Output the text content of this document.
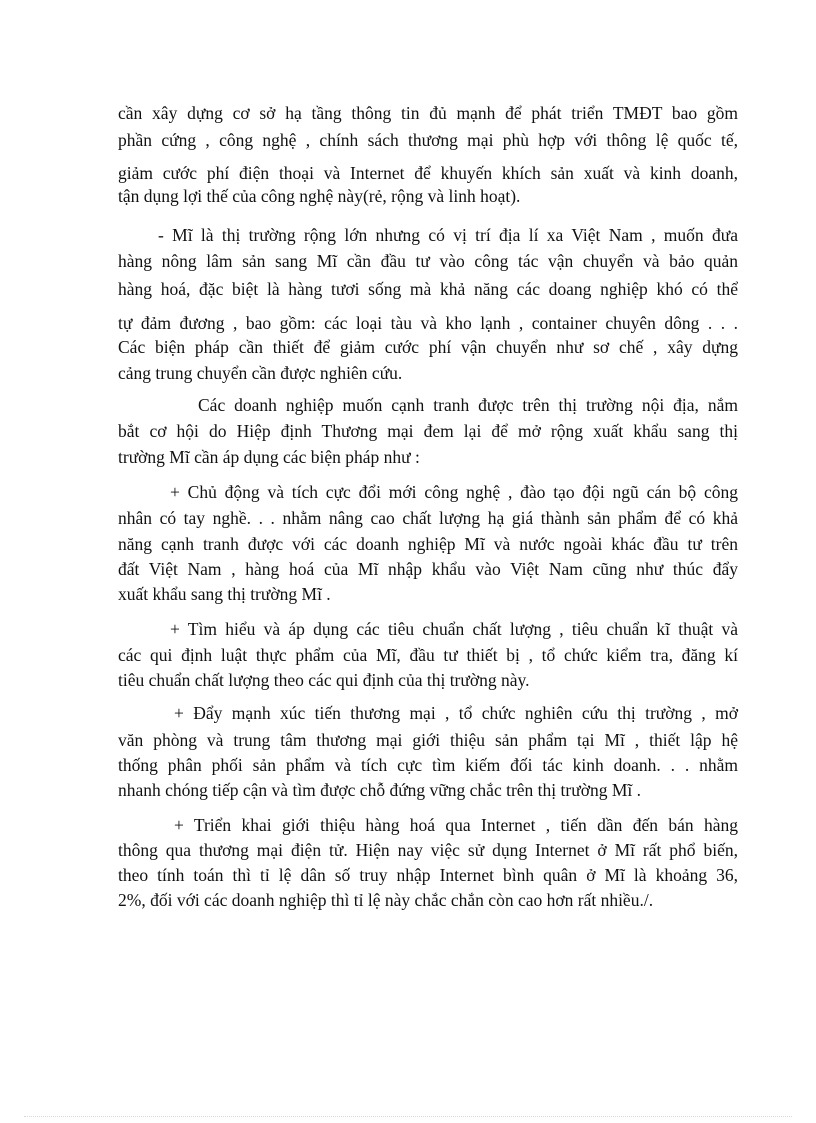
cần xây dựng cơ sở hạ tầng thông tin đủ mạnh để phát triển TMĐT bao gồm
phần cứng , công nghệ , chính sách thương mại phù hợp với thông lệ quốc tế,
giảm cước phí điện thoại và Internet để khuyến khích sản xuất và kinh doanh,
tận dụng lợi thế của công nghệ này(rẻ, rộng và linh hoạt).
- Mĩ là thị trường rộng lớn nhưng có vị trí địa lí xa Việt Nam , muốn đưa
hàng nông lâm sản sang Mĩ cần đầu tư vào công tác vận chuyển và bảo quản
hàng hoá, đặc biệt là hàng tươi sống mà khả năng các doang nghiệp khó có thể
tự đảm đương , bao gồm: các loại tàu và kho lạnh , container chuyên dông . . .
Các biện pháp cần thiết để giảm cước phí vận chuyển như sơ chế , xây dựng
cảng trung chuyển cần được nghiên cứu.
Các doanh nghiệp muốn cạnh tranh được trên thị trường nội địa, nắm
bắt cơ hội do Hiệp định Thương mại đem lại để mở rộng xuất khẩu sang thị
trường Mĩ cần áp dụng các biện pháp như :
+ Chủ động và tích cực đổi mới công nghệ , đào tạo đội ngũ cán bộ công
nhân có tay nghề. . . nhằm nâng cao chất lượng hạ giá thành sản phẩm để có khả
năng cạnh tranh được với các doanh nghiệp Mĩ và nước ngoài khác đầu tư trên
đất Việt Nam , hàng hoá của Mĩ nhập khẩu vào Việt Nam cũng như thúc đẩy
xuất khẩu sang thị trường Mĩ .
+ Tìm hiểu và áp dụng các tiêu chuẩn chất lượng , tiêu chuẩn kĩ thuật và
các qui định luật thực phẩm của Mĩ, đầu tư thiết bị , tổ chức kiểm tra, đăng kí
tiêu chuẩn chất lượng theo các qui định của thị trường này.
+ Đẩy mạnh xúc tiến thương mại , tổ chức nghiên cứu thị trường , mở
văn phòng và trung tâm thương mại giới thiệu sản phẩm tại Mĩ , thiết lập hệ
thống phân phối sản phẩm và tích cực tìm kiếm đối tác kinh doanh. . . nhằm
nhanh chóng tiếp cận và tìm được chỗ đứng vững chắc trên thị trường Mĩ .
+ Triển khai giới thiệu hàng hoá qua Internet , tiến dần đến bán hàng
thông qua thương mại điện tử. Hiện nay việc sử dụng Internet ở Mĩ rất phổ biến,
theo tính toán thì tỉ lệ dân số truy nhập Internet bình quân ở Mĩ là khoảng 36,
2%, đối với các doanh nghiệp thì tỉ lệ này chắc chắn còn cao hơn rất nhiều./.
